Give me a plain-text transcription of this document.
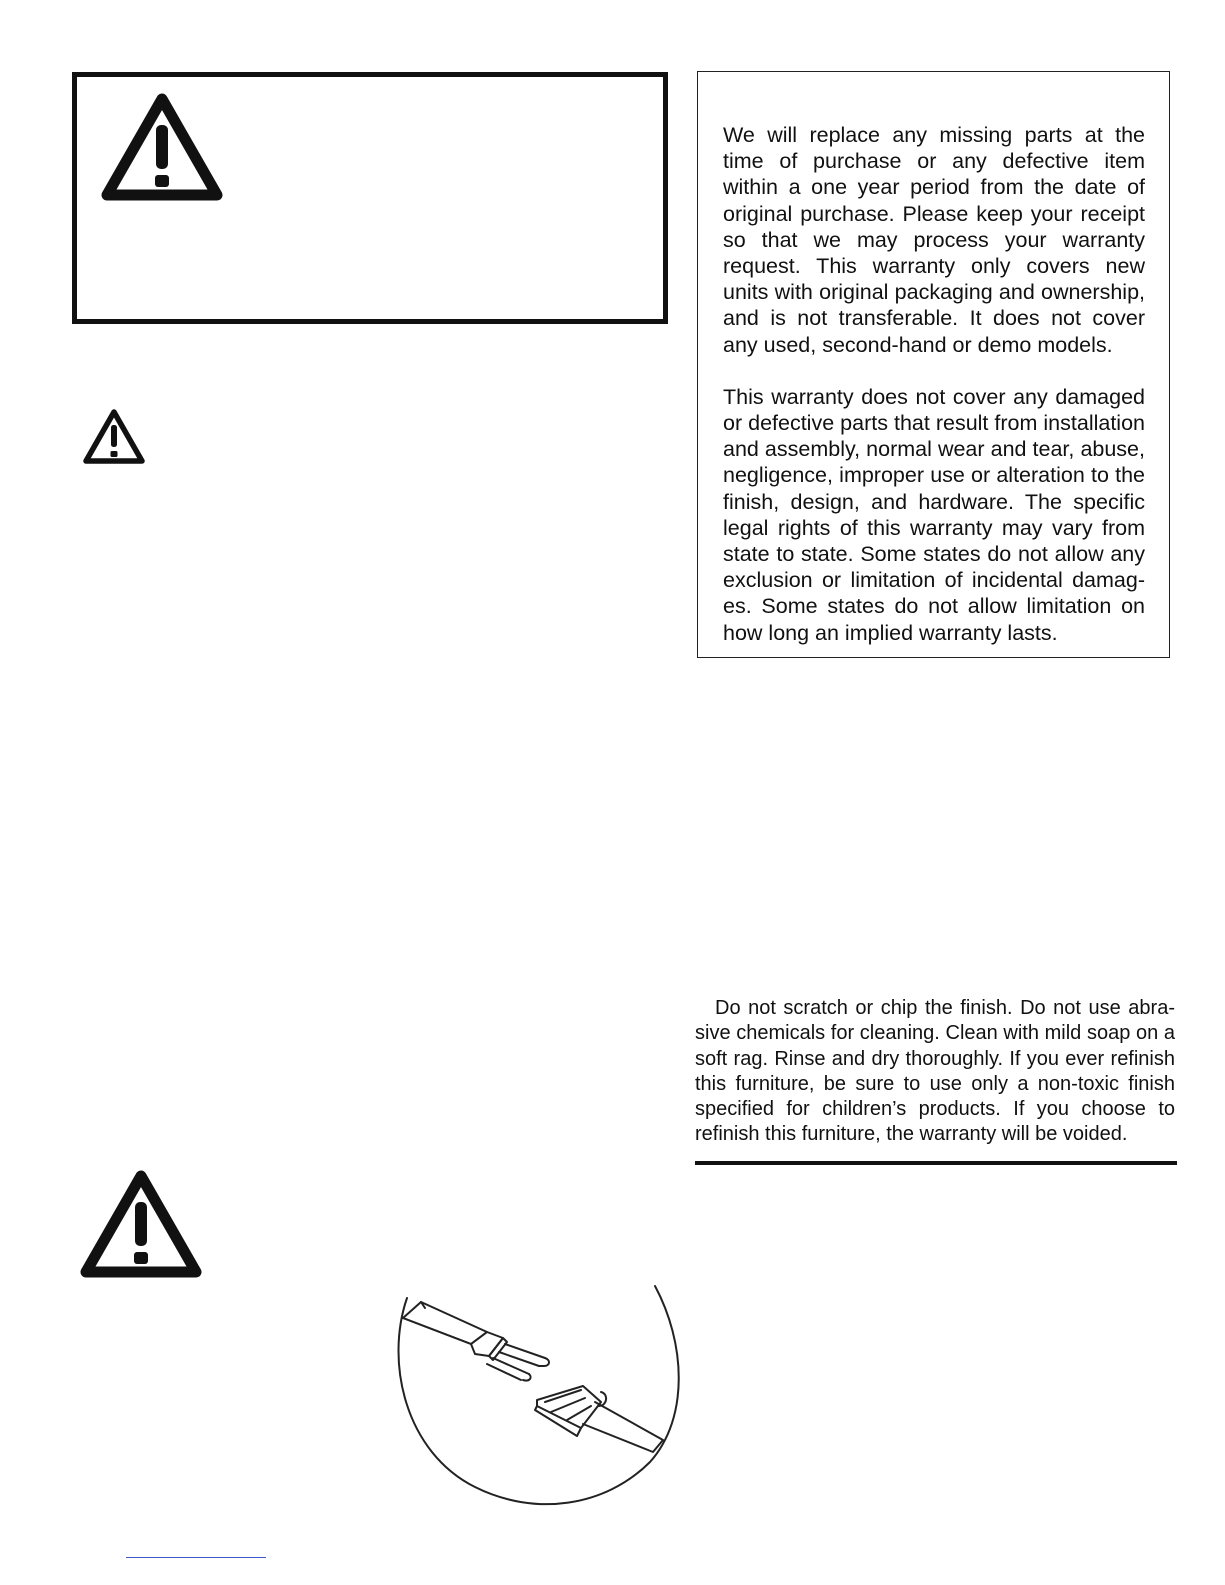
We will replace any missing parts at the time of purchase or any defective item within a one year period from the date of original purchase. Please keep your receipt so that we may process your warranty request. This warranty only covers new units with original packaging and ownership, and is not transferable. It does not cover any used, second-hand or demo models.

This warranty does not cover any damaged or defective parts that result from installation and assembly, normal wear and tear, abuse, negligence, improper use or alteration to the finish, design, and hardware. The specific legal rights of this warranty may vary from state to state. Some states do not allow any exclusion or limitation of incidental damages. Some states do not allow limitation on how long an implied warranty lasts.

Do not scratch or chip the finish. Do not use abrasive chemicals for cleaning. Clean with mild soap on a soft rag. Rinse and dry thoroughly. If you ever refinish this furniture, be sure to use only a non-toxic finish specified for children’s products. If you choose to refinish this furniture, the warranty will be voided.
